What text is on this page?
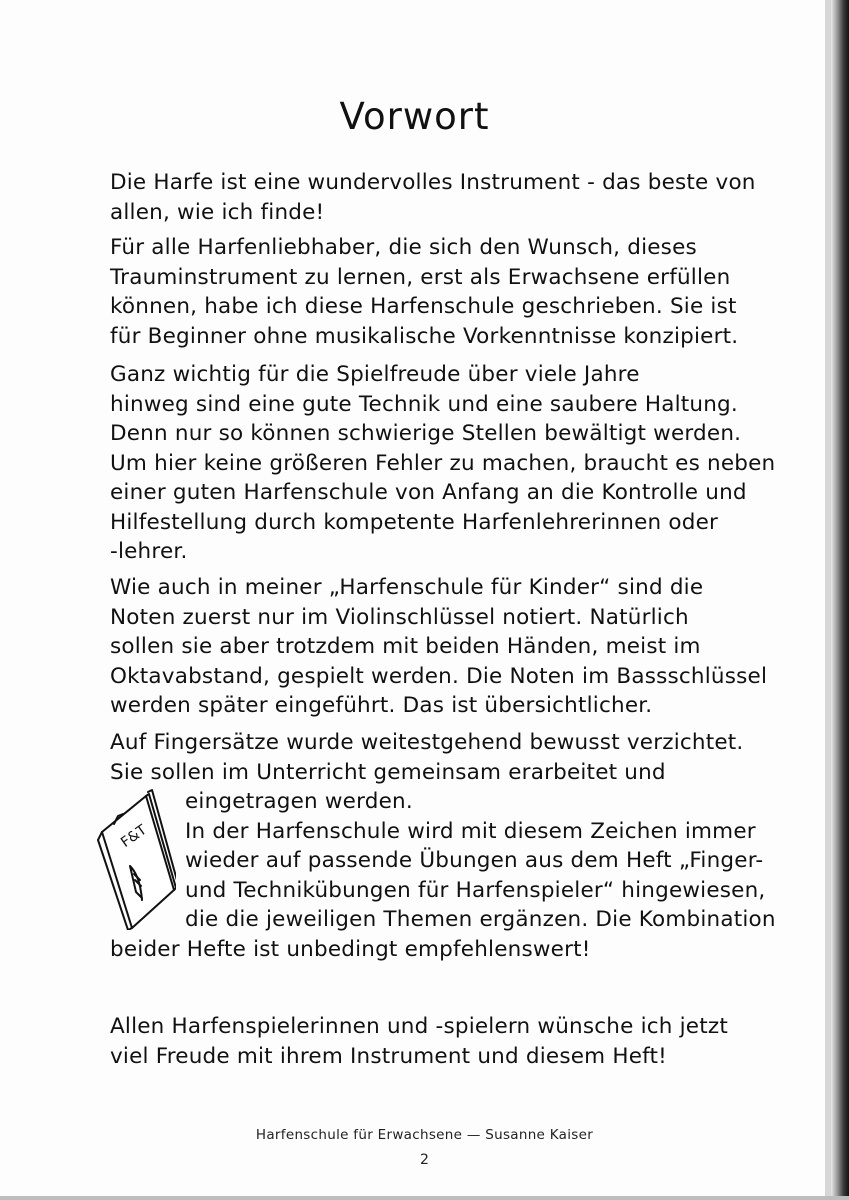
Vorwort

Die Harfe ist eine wundervolles Instrument - das beste von
allen, wie ich finde!

Für alle Harfenliebhaber, die sich den Wunsch, dieses
Trauminstrument zu lernen, erst als Erwachsene erfüllen
können, habe ich diese Harfenschule geschrieben. Sie ist
für Beginner ohne musikalische Vorkenntnisse konzipiert.

Ganz wichtig für die Spielfreude über viele Jahre
hinweg sind eine gute Technik und eine saubere Haltung.
Denn nur so können schwierige Stellen bewältigt werden.
Um hier keine größeren Fehler zu machen, braucht es neben
einer guten Harfenschule von Anfang an die Kontrolle und
Hilfestellung durch kompetente Harfenlehrerinnen oder
-lehrer.

Wie auch in meiner „Harfenschule für Kinder“ sind die
Noten zuerst nur im Violinschlüssel notiert. Natürlich
sollen sie aber trotzdem mit beiden Händen, meist im
Oktavabstand, gespielt werden. Die Noten im Bassschlüssel
werden später eingeführt. Das ist übersichtlicher.

Auf Fingersätze wurde weitestgehend bewusst verzichtet.
Sie sollen im Unterricht gemeinsam erarbeitet und
eingetragen werden.
In der Harfenschule wird mit diesem Zeichen immer
wieder auf passende Übungen aus dem Heft „Finger-
und Technikübungen für Harfenspieler“ hingewiesen,
die die jeweiligen Themen ergänzen. Die Kombination
beider Hefte ist unbedingt empfehlenswert!

F&T

Allen Harfenspielerinnen und -spielern wünsche ich jetzt
viel Freude mit ihrem Instrument und diesem Heft!

Harfenschule für Erwachsene — Susanne Kaiser
2
